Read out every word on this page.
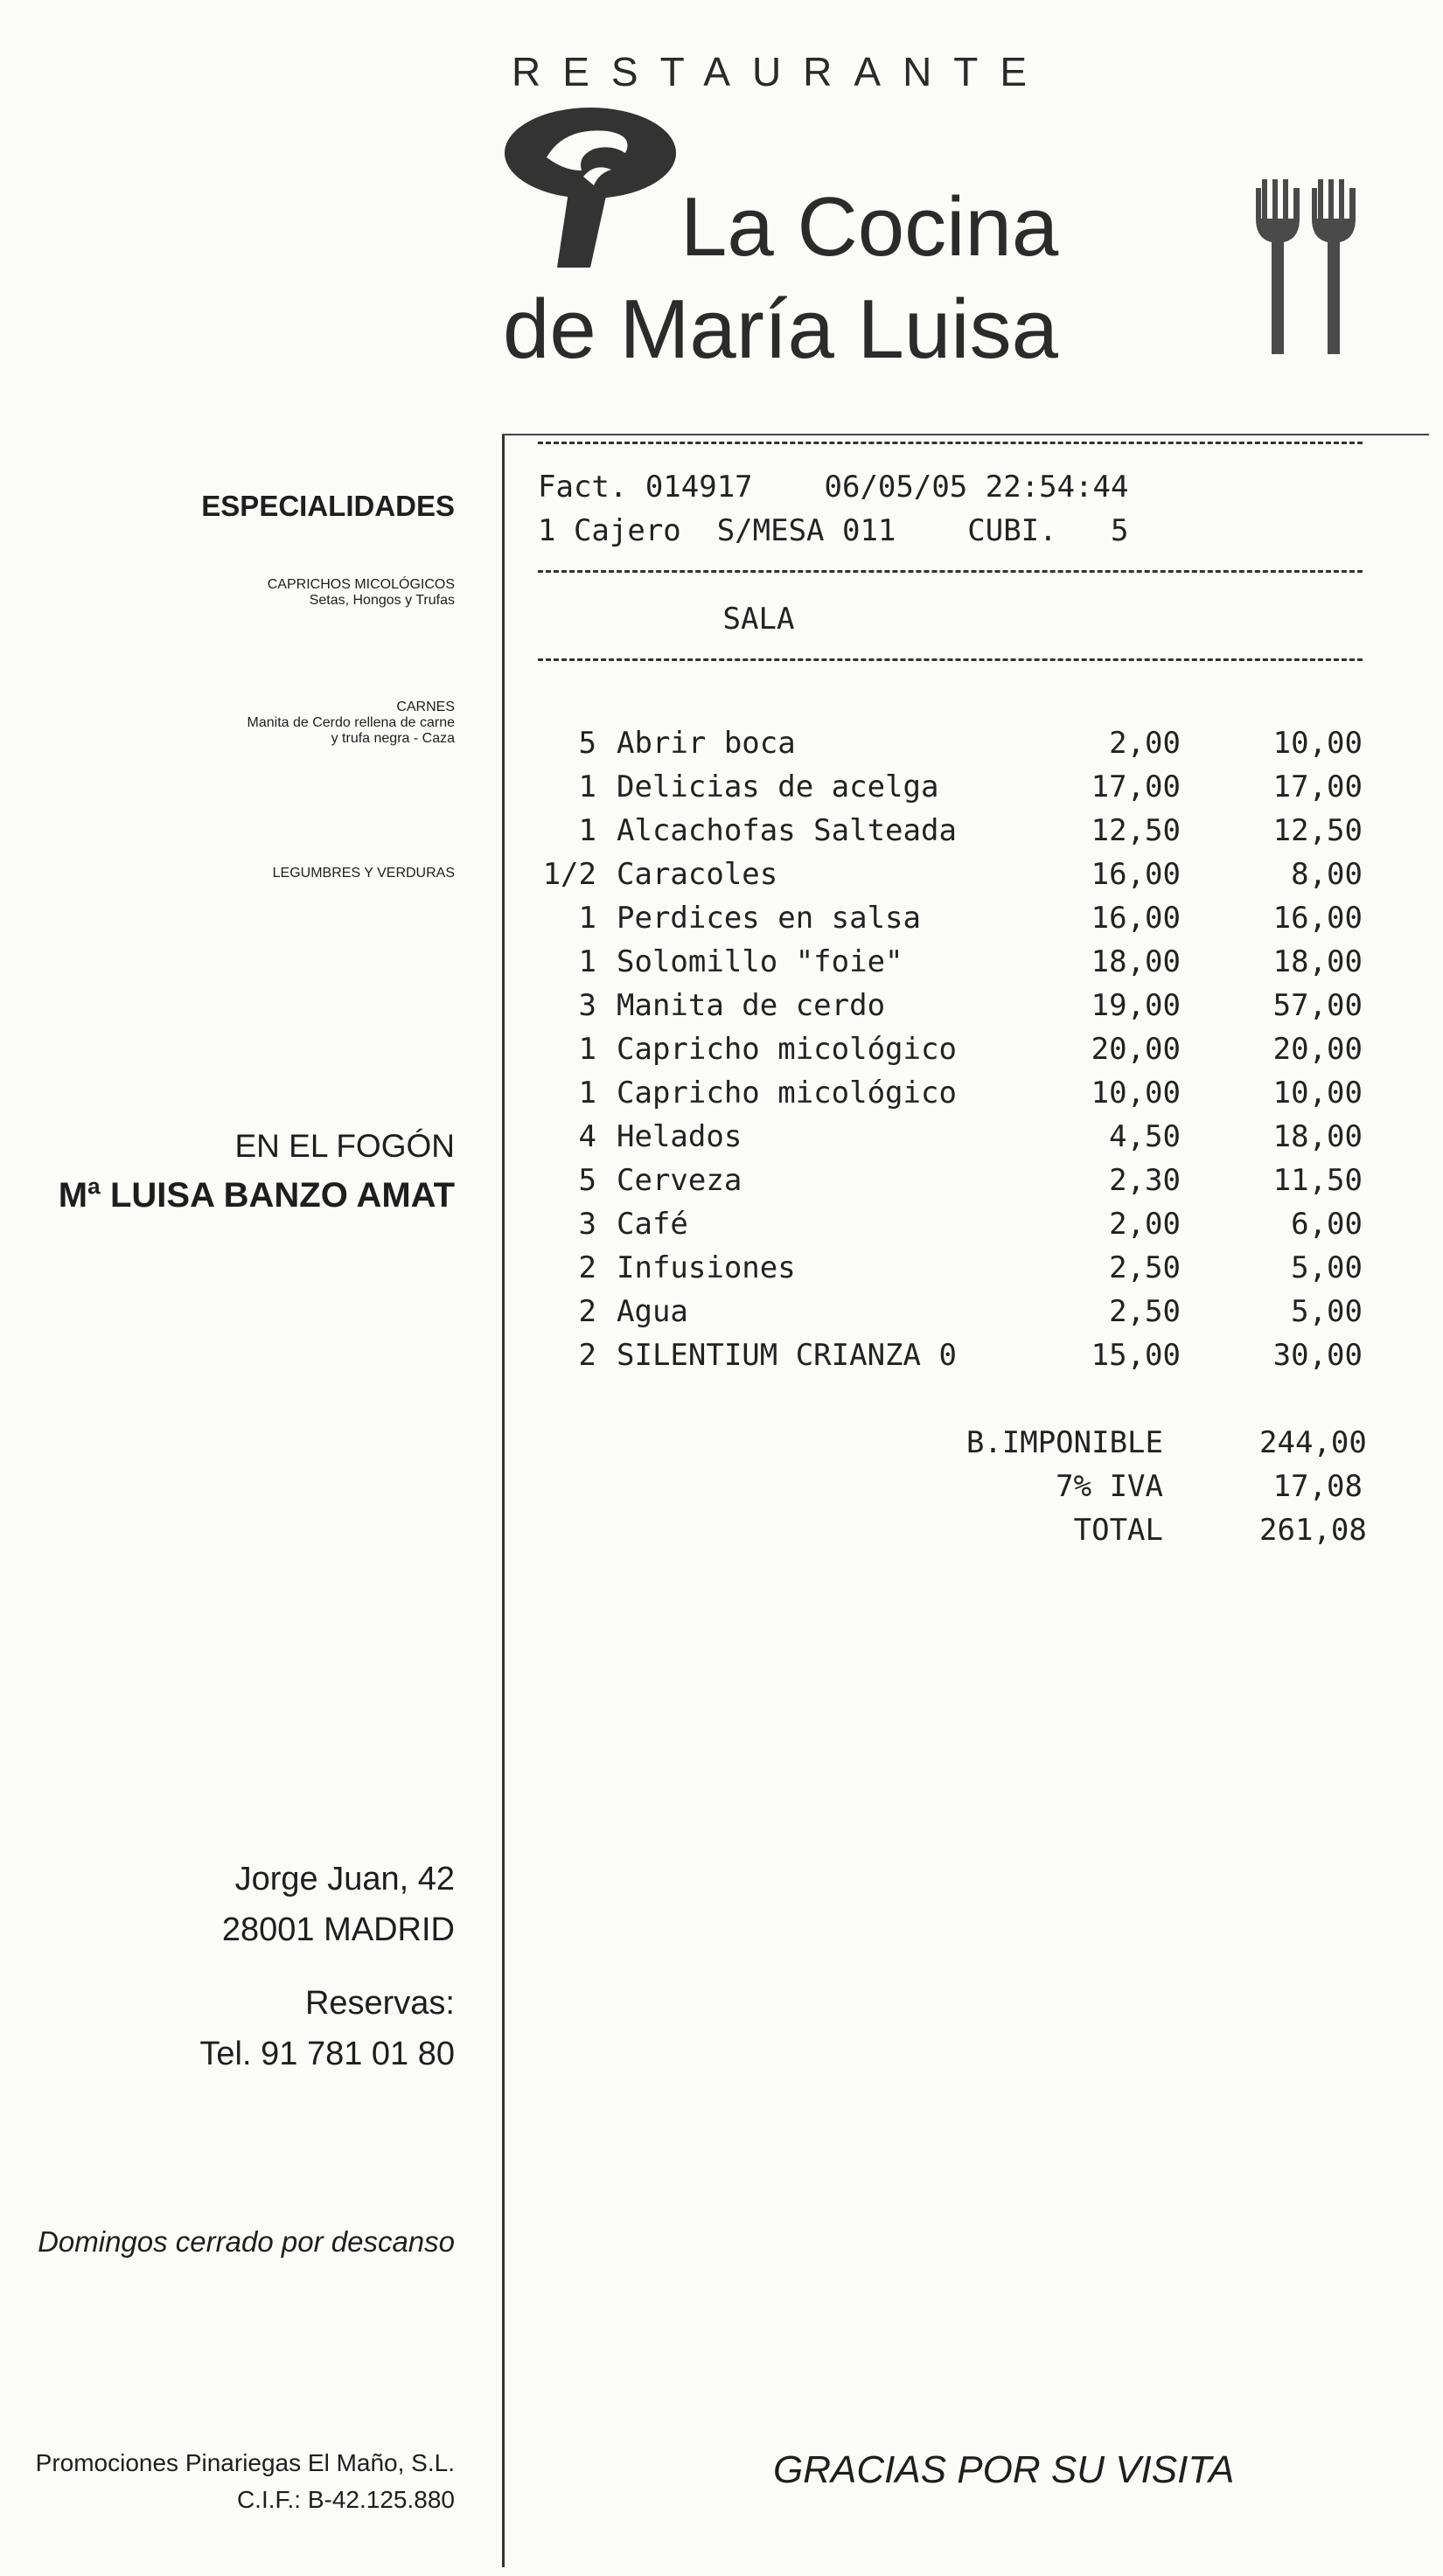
RESTAURANTE
La Cocina
de María Luisa
ESPECIALIDADES
CAPRICHOS MICOLÓGICOS
Setas, Hongos y Trufas
CARNES
Manita de Cerdo rellena de carne
y trufa negra - Caza
LEGUMBRES Y VERDURAS
EN EL FOGÓN
Mª LUISA BANZO AMAT
Jorge Juan, 42
28001 MADRID
Reservas:
Tel. 91 781 01 80
Domingos cerrado por descanso
Promociones Pinariegas El Maño, S.L.
C.I.F.: B-42.125.880
Fact. 014917    06/05/05 22:54:44
1 Cajero  S/MESA 011    CUBI.   5
SALA
5 Abrir boca	2,00	10,00
1 Delicias de acelga	17,00	17,00
1 Alcachofas Salteada	12,50	12,50
1/2 Caracoles	16,00	8,00
1 Perdices en salsa	16,00	16,00
1 Solomillo "foie"	18,00	18,00
3 Manita de cerdo	19,00	57,00
1 Capricho micológico	20,00	20,00
1 Capricho micológico	10,00	10,00
4 Helados	4,50	18,00
5 Cerveza	2,30	11,50
3 Café	2,00	6,00
2 Infusiones	2,50	5,00
2 Agua	2,50	5,00
2 SILENTIUM CRIANZA 0	15,00	30,00
B.IMPONIBLE	244,00
7% IVA	17,08
TOTAL	261,08
GRACIAS POR SU VISITA
